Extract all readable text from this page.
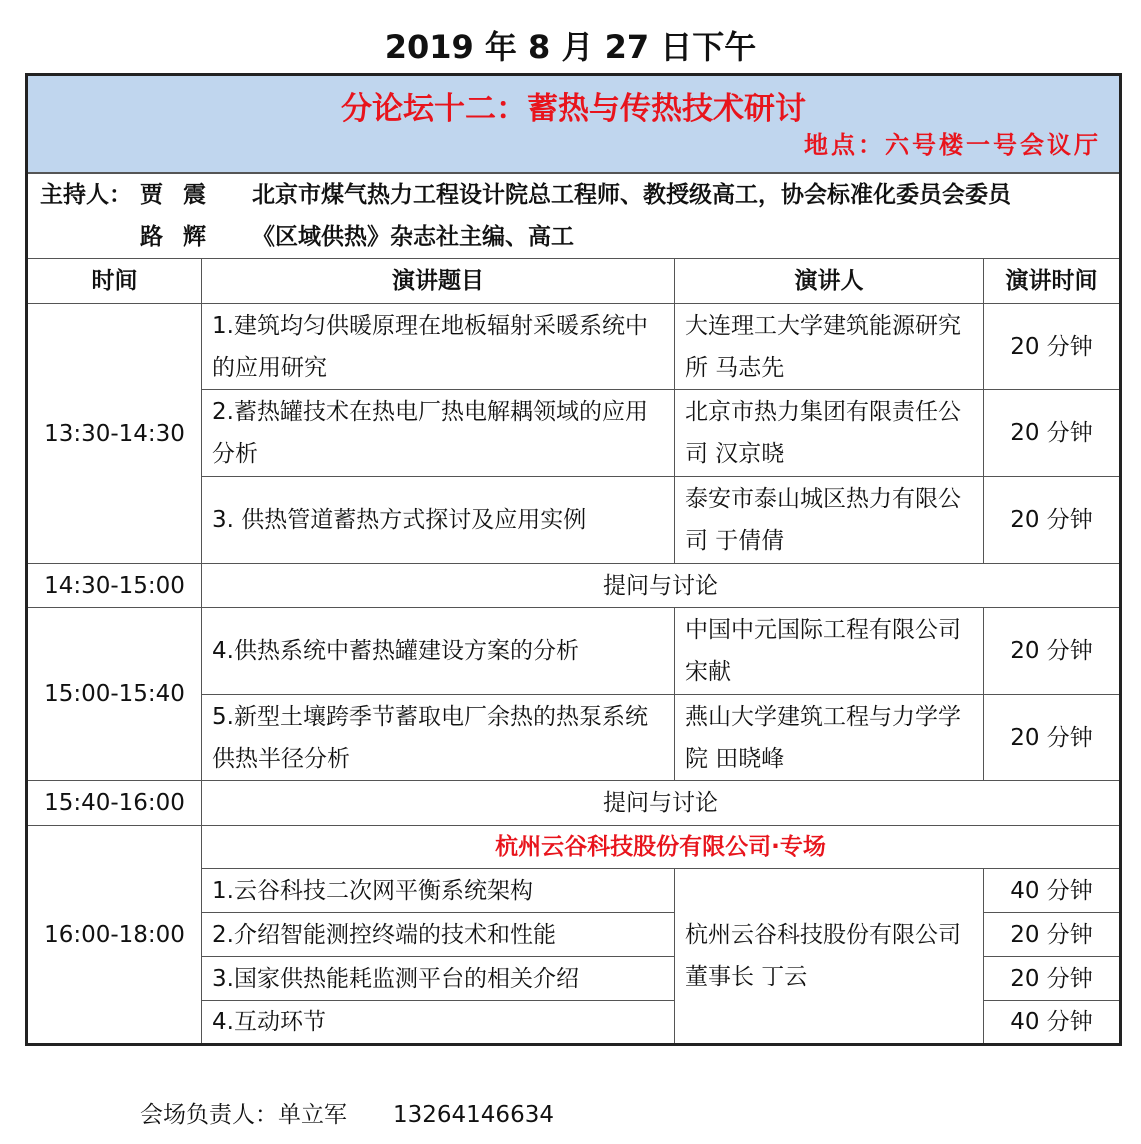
2019 年 8 月 27 日下午
分论坛十二：蓄热与传热技术研讨
地点：六号楼一号会议厅			

主持人： 贾震 北京市煤气热力工程设计院总工程师、教授级高工，协会标准化委员会委员
路辉 《区域供热》杂志社主编、高工			

时间	演讲题目	演讲人	演讲时间
13:30-14:30	1.建筑均匀供暖原理在地板辐射采暖系统中的应用研究	大连理工大学建筑能源研究所 马志先	20 分钟
	2.蓄热罐技术在热电厂热电解耦领域的应用分析	北京市热力集团有限责任公司 汉京晓	20 分钟
	3. 供热管道蓄热方式探讨及应用实例	泰安市泰山城区热力有限公司 于倩倩	20 分钟
14:30-15:00	提问与讨论		
15:00-15:40	4.供热系统中蓄热罐建设方案的分析	中国中元国际工程有限公司 宋献	20 分钟
	5.新型土壤跨季节蓄取电厂余热的热泵系统供热半径分析	燕山大学建筑工程与力学学院 田晓峰	20 分钟
15:40-16:00	提问与讨论		
16:00-18:00	杭州云谷科技股份有限公司·专场		
	1.云谷科技二次网平衡系统架构	杭州云谷科技股份有限公司董事长 丁云	40 分钟
	2.介绍智能测控终端的技术和性能		20 分钟
	3.国家供热能耗监测平台的相关介绍		20 分钟
	4.互动环节		40 分钟
会场负责人：单立军 13264146634
